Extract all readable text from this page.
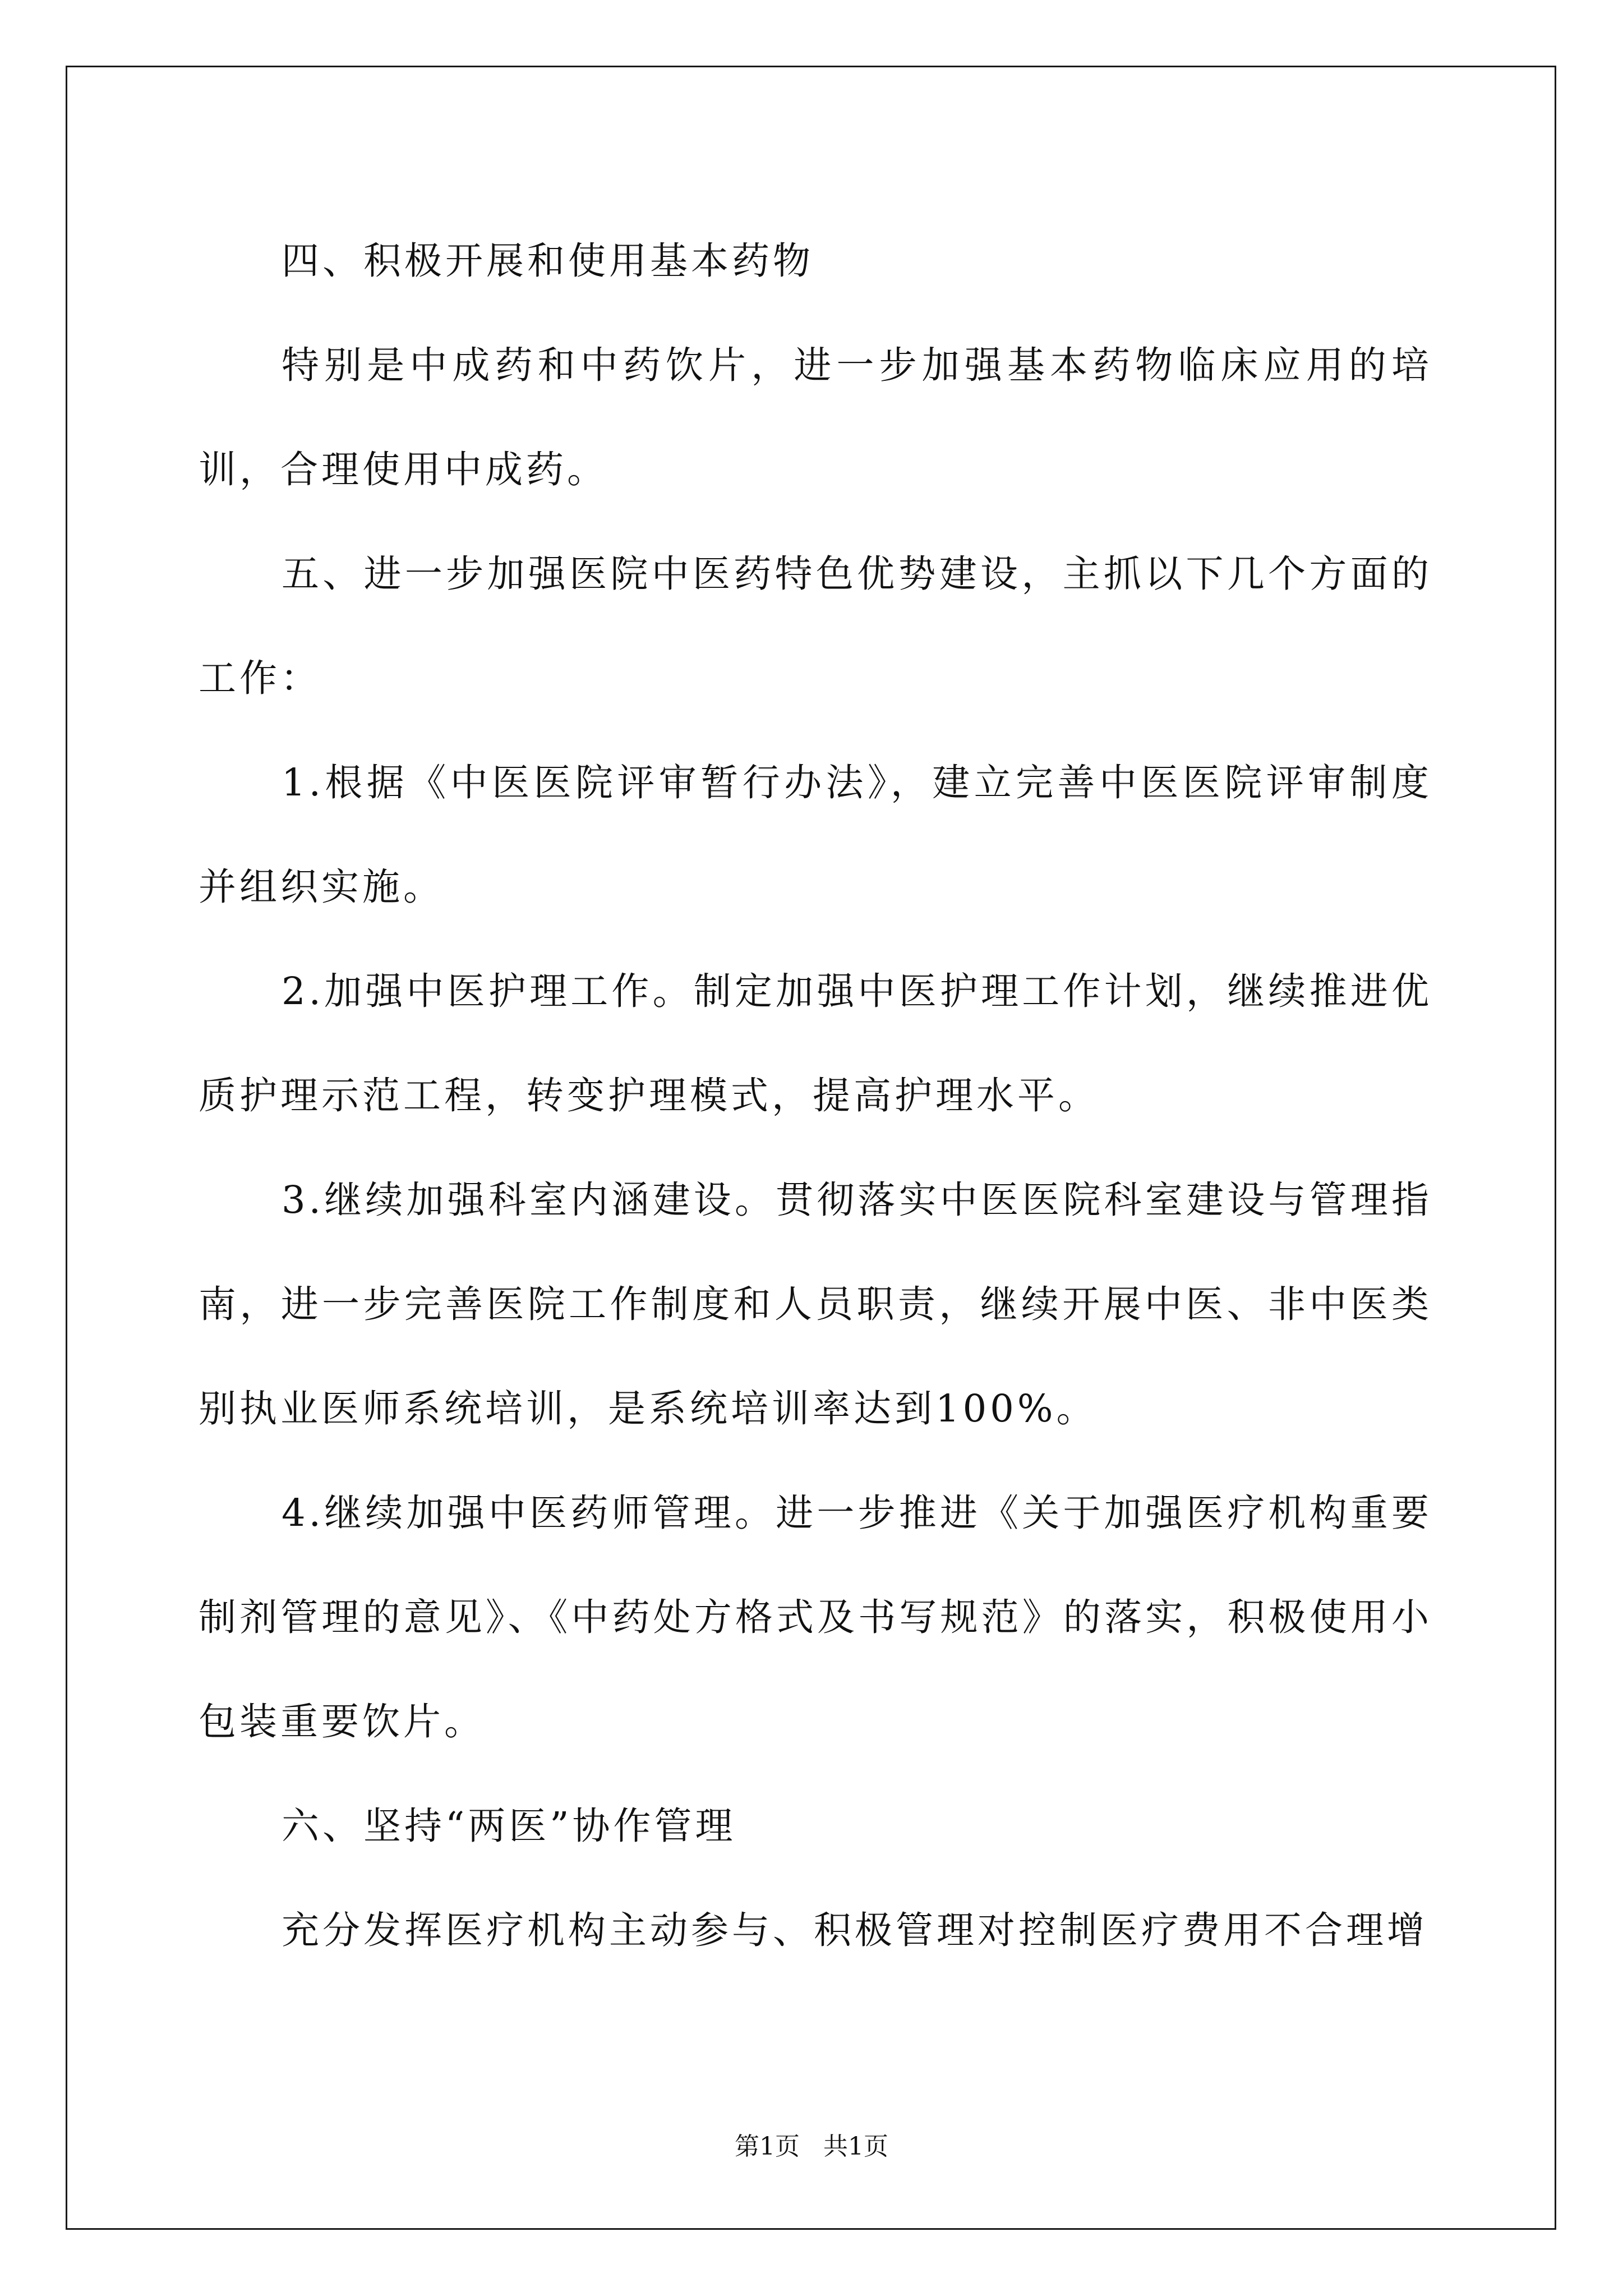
四、积极开展和使用基本药物

特别是中成药和中药饮片，进一步加强基本药物临床应用的培训，合理使用中成药。

五、进一步加强医院中医药特色优势建设，主抓以下几个方面的工作：

1.根据《中医医院评审暂行办法》，建立完善中医医院评审制度并组织实施。

2.加强中医护理工作。制定加强中医护理工作计划，继续推进优质护理示范工程，转变护理模式，提高护理水平。

3.继续加强科室内涵建设。贯彻落实中医医院科室建设与管理指南，进一步完善医院工作制度和人员职责，继续开展中医、非中医类别执业医师系统培训，是系统培训率达到100%。

4.继续加强中医药师管理。进一步推进《关于加强医疗机构重要制剂管理的意见》、《中药处方格式及书写规范》的落实，积极使用小包装重要饮片。

六、坚持“两医”协作管理

充分发挥医疗机构主动参与、积极管理对控制医疗费用不合理增

第1页   共1页
